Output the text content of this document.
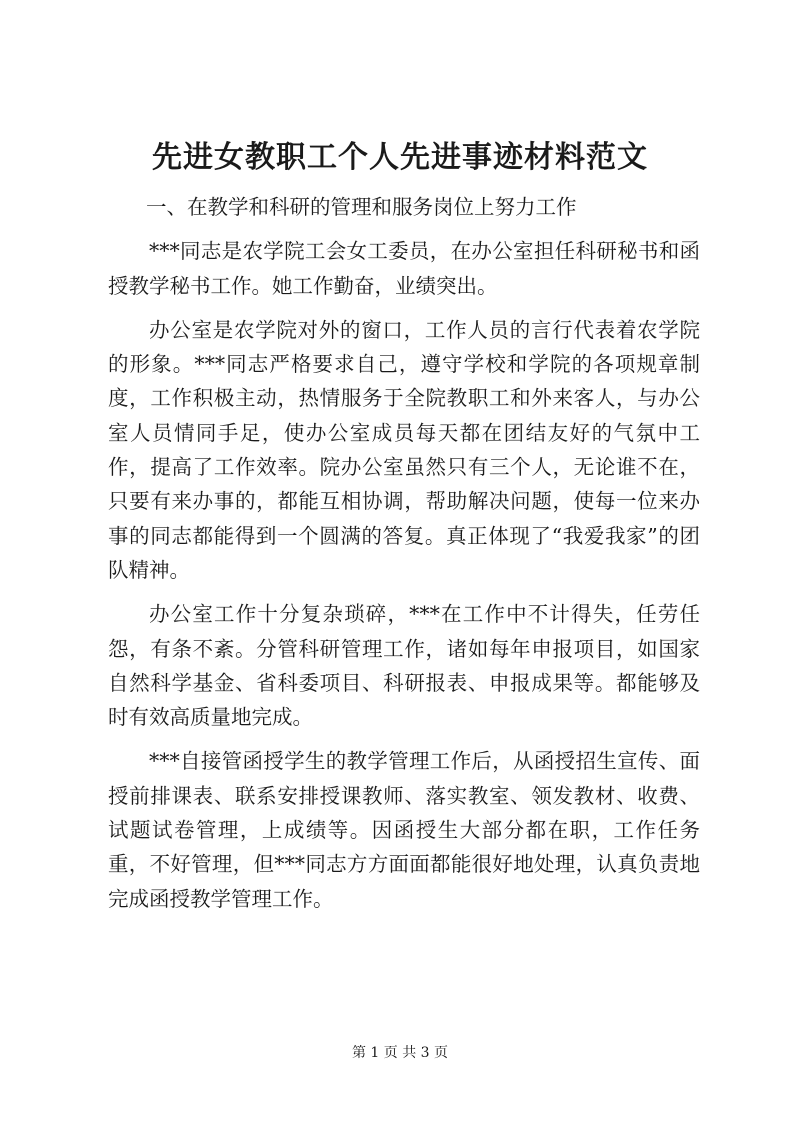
先进女教职工个人先进事迹材料范文

一、在教学和科研的管理和服务岗位上努力工作

***同志是农学院工会女工委员，在办公室担任科研秘书和函授教学秘书工作。她工作勤奋，业绩突出。

办公室是农学院对外的窗口，工作人员的言行代表着农学院的形象。***同志严格要求自己，遵守学校和学院的各项规章制度，工作积极主动，热情服务于全院教职工和外来客人，与办公室人员情同手足，使办公室成员每天都在团结友好的气氛中工作，提高了工作效率。院办公室虽然只有三个人，无论谁不在，只要有来办事的，都能互相协调，帮助解决问题，使每一位来办事的同志都能得到一个圆满的答复。真正体现了“我爱我家”的团队精神。

办公室工作十分复杂琐碎，***在工作中不计得失，任劳任怨，有条不紊。分管科研管理工作，诸如每年申报项目，如国家自然科学基金、省科委项目、科研报表、申报成果等。都能够及时有效高质量地完成。

***自接管函授学生的教学管理工作后，从函授招生宣传、面授前排课表、联系安排授课教师、落实教室、领发教材、收费、试题试卷管理，上成绩等。因函授生大部分都在职，工作任务重，不好管理，但***同志方方面面都能很好地处理，认真负责地完成函授教学管理工作。

第 1 页 共 3 页
